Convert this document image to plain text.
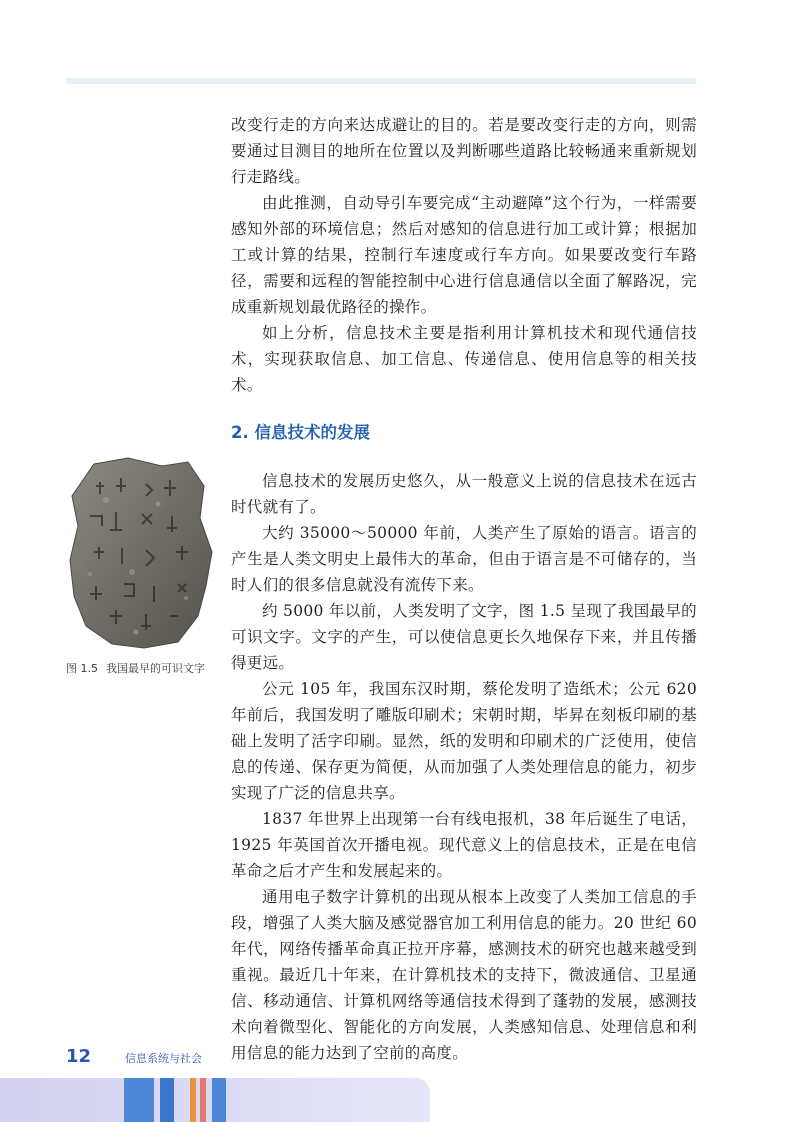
改变行走的方向来达成避让的目的。若是要改变行走的方向，则需要通过目测目的地所在位置以及判断哪些道路比较畅通来重新规划行走路线。

由此推测，自动导引车要完成“主动避障”这个行为，一样需要感知外部的环境信息；然后对感知的信息进行加工或计算；根据加工或计算的结果，控制行车速度或行车方向。如果要改变行车路径，需要和远程的智能控制中心进行信息通信以全面了解路况，完成重新规划最优路径的操作。

如上分析，信息技术主要是指利用计算机技术和现代通信技术，实现获取信息、加工信息、传递信息、使用信息等的相关技术。

2. 信息技术的发展

信息技术的发展历史悠久，从一般意义上说的信息技术在远古时代就有了。

大约 35000～50000 年前，人类产生了原始的语言。语言的产生是人类文明史上最伟大的革命，但由于语言是不可储存的，当时人们的很多信息就没有流传下来。

约 5000 年以前，人类发明了文字，图 1.5 呈现了我国最早的可识文字。文字的产生，可以使信息更长久地保存下来，并且传播得更远。

公元 105 年，我国东汉时期，蔡伦发明了造纸术；公元 620 年前后，我国发明了雕版印刷术；宋朝时期，毕昇在刻板印刷的基础上发明了活字印刷。显然，纸的发明和印刷术的广泛使用，使信息的传递、保存更为简便，从而加强了人类处理信息的能力，初步实现了广泛的信息共享。

1837 年世界上出现第一台有线电报机，38 年后诞生了电话，1925 年英国首次开播电视。现代意义上的信息技术，正是在电信革命之后才产生和发展起来的。

通用电子数字计算机的出现从根本上改变了人类加工信息的手段，增强了人类大脑及感觉器官加工利用信息的能力。20 世纪 60 年代，网络传播革命真正拉开序幕，感测技术的研究也越来越受到重视。最近几十年来，在计算机技术的支持下，微波通信、卫星通信、移动通信、计算机网络等通信技术得到了蓬勃的发展，感测技术向着微型化、智能化的方向发展，人类感知信息、处理信息和利用信息的能力达到了空前的高度。

图 1.5 我国最早的可识文字
12	信息系统与社会
